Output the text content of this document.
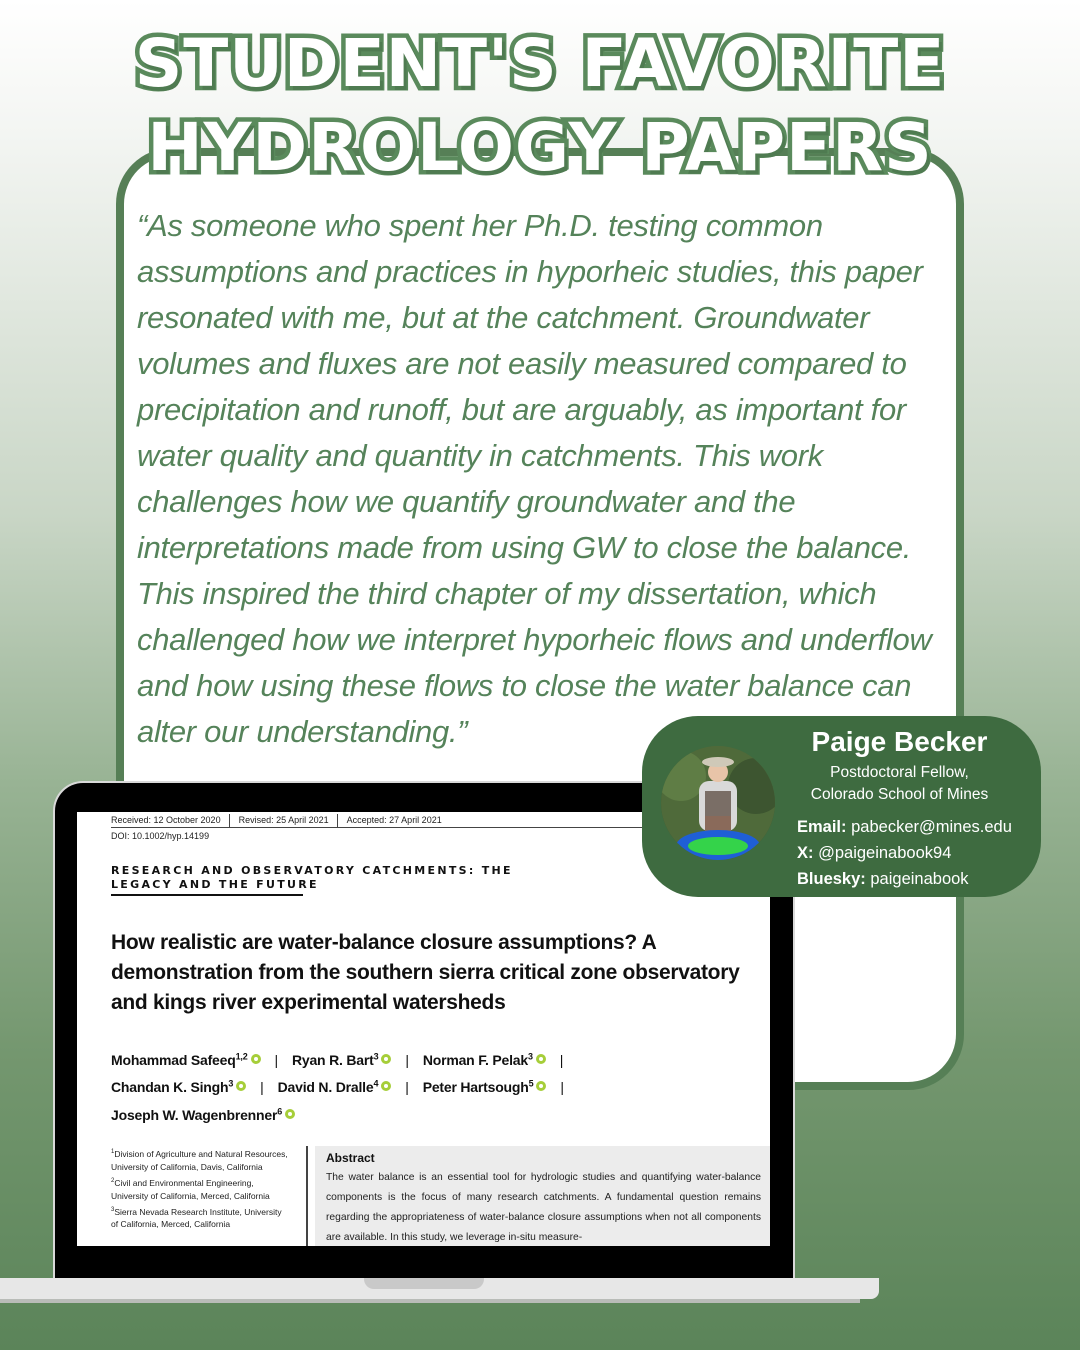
STUDENT'S FAVORITE
HYDROLOGY PAPERS

“As someone who spent her Ph.D. testing common assumptions and practices in hyporheic studies, this paper resonated with me, but at the catchment. Groundwater volumes and fluxes are not easily measured compared to precipitation and runoff, but are arguably, as important for water quality and quantity in catchments. This work challenges how we quantify groundwater and the interpretations made from using GW to close the balance. This inspired the third chapter of my dissertation, which challenged how we interpret hyporheic flows and underflow and how using these flows to close the water balance can alter our understanding.”

Received: 12 October 2020	Revised: 25 April 2021	Accepted: 27 April 2021
DOI: 10.1002/hyp.14199
RESEARCH AND OBSERVATORY CATCHMENTS: THE
LEGACY AND THE FUTURE
How realistic are water-balance closure assumptions? A demonstration from the southern sierra critical zone observatory and kings river experimental watersheds
Mohammad Safeeq$^{1,2}$ | Ryan R. Bart$^3$ | Norman F. Pelak$^3$ |
Chandan K. Singh$^3$ | David N. Dralle$^4$ | Peter Hartsough$^5$ |
Joseph W. Wagenbrenner$^6$

$^1$Division of Agriculture and Natural Resources, University of California, Davis, California

$^2$Civil and Environmental Engineering, University of California, Merced, California

$^3$Sierra Nevada Research Institute, University of California, Merced, California

Abstract

The water balance is an essential tool for hydrologic studies and quantifying water-balance components is the focus of many research catchments. A fundamental question remains regarding the appropriateness of water-balance closure assumptions when not all components are available. In this study, we leverage in-situ measure-

Paige Becker
Postdoctoral Fellow,
Colorado School of Mines
Email: pabecker@mines.edu
X: @paigeinabook94
Bluesky: paigeinabook
